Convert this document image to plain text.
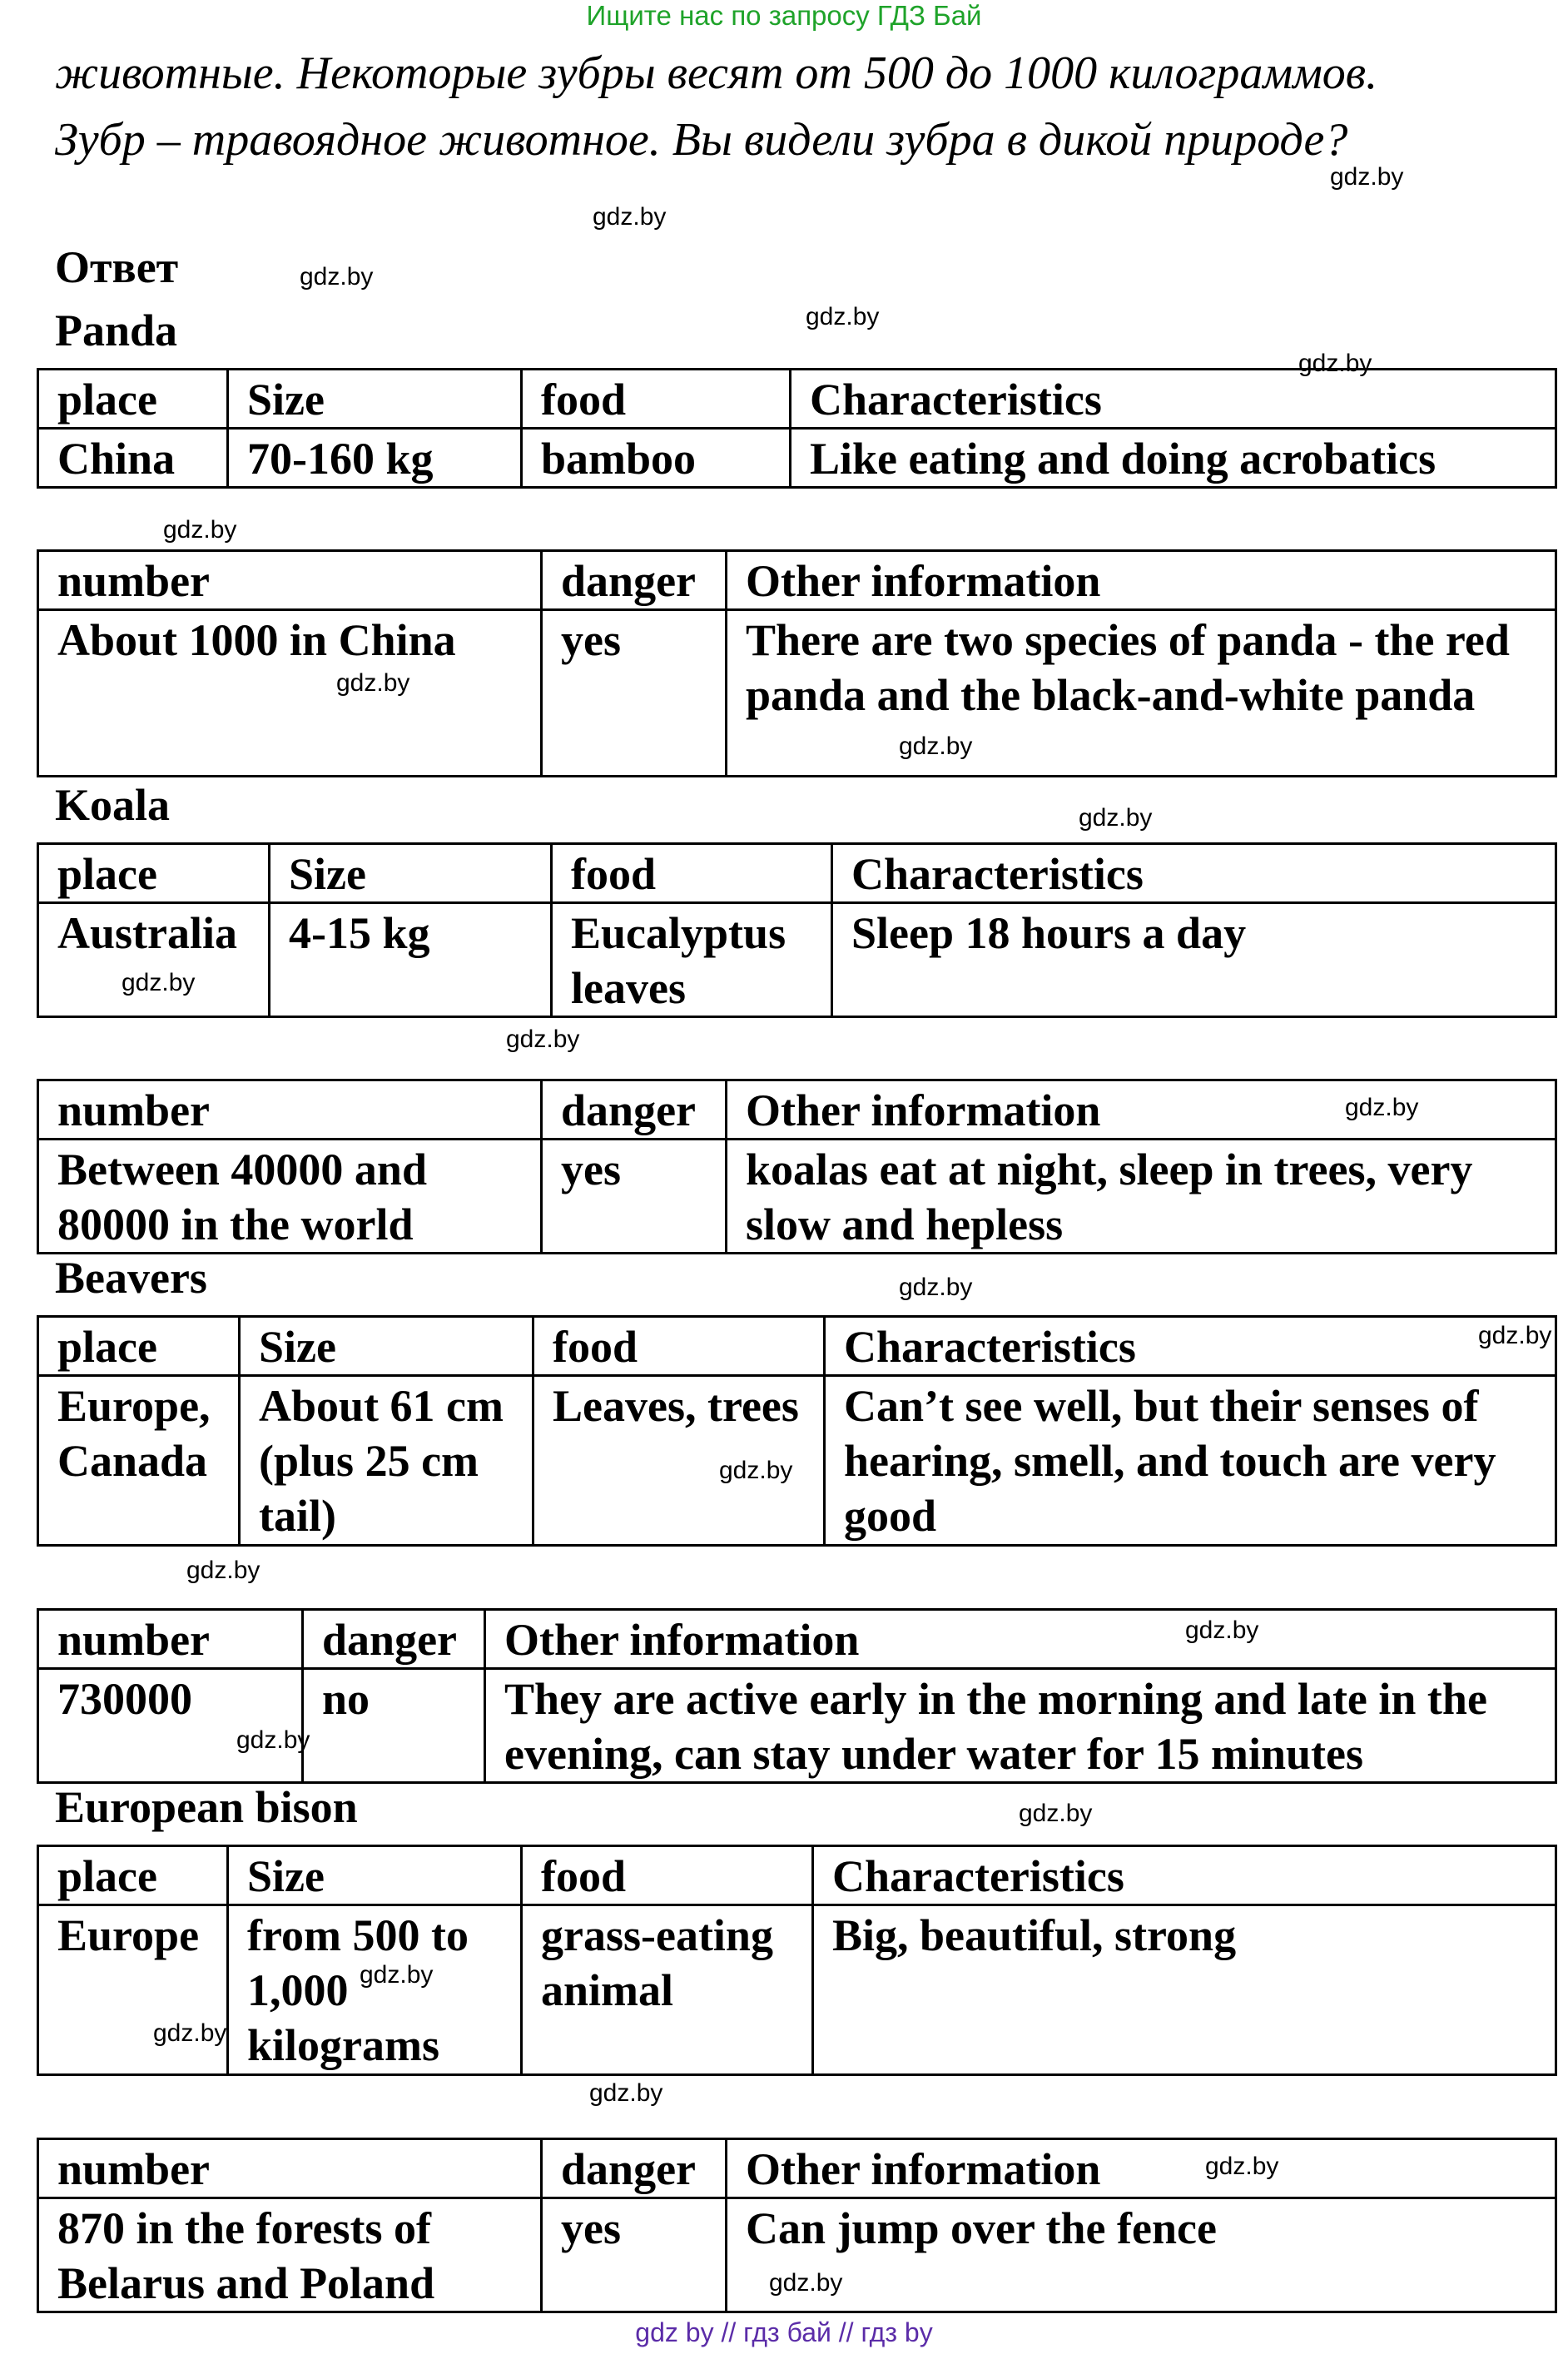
Ищите нас по запросу ГДЗ Бай
животные. Некоторые зубры весят от 500 до 1000 килограммов.
Зубр – травоядное животное. Вы видели зубра в дикой природе?
Ответ
Panda
place	Size	food	Characteristics
China	70-160 kg	bamboo	Like eating and doing acrobatics
number	danger	Other information
About 1000 in China	yes	There are two species of panda - the red panda and the black-and-white panda
Koala
place	Size	food	Characteristics
Australia	4-15 kg	Eucalyptus leaves	Sleep 18 hours a day
number	danger	Other information
Between 40000 and 80000 in the world	yes	koalas eat at night, sleep in trees, very slow and hepless
Beavers
place	Size	food	Characteristics
Europe, Canada	About 61 cm (plus 25 cm tail)	Leaves, trees	Can’t see well, but their senses of hearing, smell, and touch are very good
number	danger	Other information
730000	no	They are active early in the morning and late in the evening, can stay under water for 15 minutes
European bison
place	Size	food	Characteristics
Europe	from 500 to 1,000 kilograms	grass-eating animal	Big, beautiful, strong
number	danger	Other information
870 in the forests of Belarus and Poland	yes	Can jump over the fence
gdz.by
gdz.by
gdz.by
gdz.by
gdz.by
gdz.by
gdz.by
gdz.by
gdz.by
gdz.by
gdz.by
gdz.by
gdz.by
gdz.by
gdz.by
gdz.by
gdz.by
gdz.by
gdz.by
gdz.by
gdz.by
gdz.by
gdz.by
gdz.by
gdz by // гдз бай // гдз by
